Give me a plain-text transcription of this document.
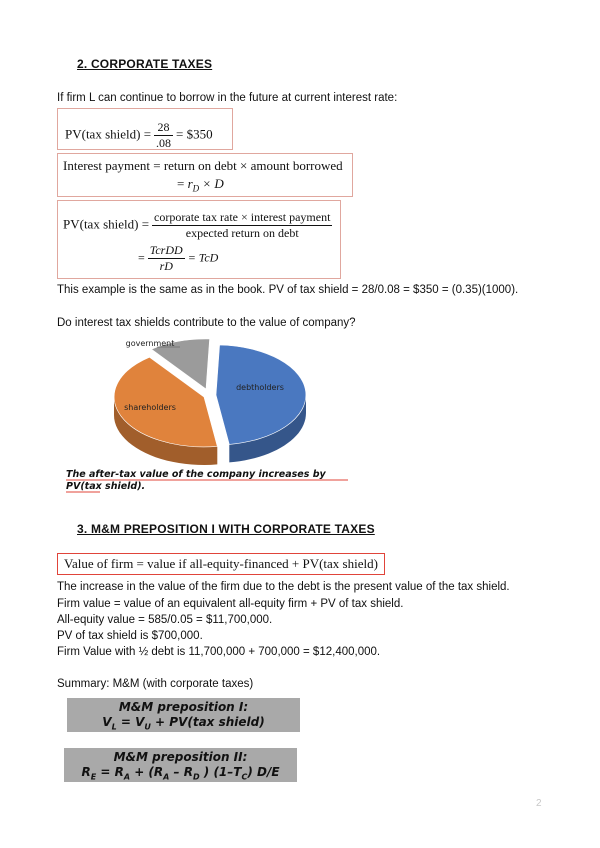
2. CORPORATE TAXES
If firm L can continue to borrow in the future at current interest rate:
PV(tax shield) = $\frac{28}{.08}$ = $350
Interest payment = return on debt × amount borrowed
= $r_D \times D$
PV(tax shield) = $\frac{\text{corporate tax rate × interest payment}}{\text{expected return on debt}}$
= $\frac{\text{TcrDD}}{rD}$ = TcD
This example is the same as in the book. PV of tax shield = 28/0.08 = $350 = (0.35)(1000).
Do interest tax shields contribute to the value of company?
debtholders
shareholders
government
The after-tax value of the company increases by PV(tax shield).
3. M&M PREPOSITION I WITH CORPORATE TAXES
Value of firm = value if all-equity-financed + PV(tax shield)
The increase in the value of the firm due to the debt is the present value of the tax shield.
Firm value = value of an equivalent all-equity firm + PV of tax shield.
All-equity value = 585/0.05 = $11,700,000.
PV of tax shield is $700,000.
Firm Value with ½ debt is 11,700,000 + 700,000 = $12,400,000.
Summary: M&M (with corporate taxes)
M&M preposition I:
$V_L = V_U + PV(tax$ shield)
M&M preposition II:
$R_E = R_A + (R_A - R_D$ ) $(1-T_C)$ D/E
2
